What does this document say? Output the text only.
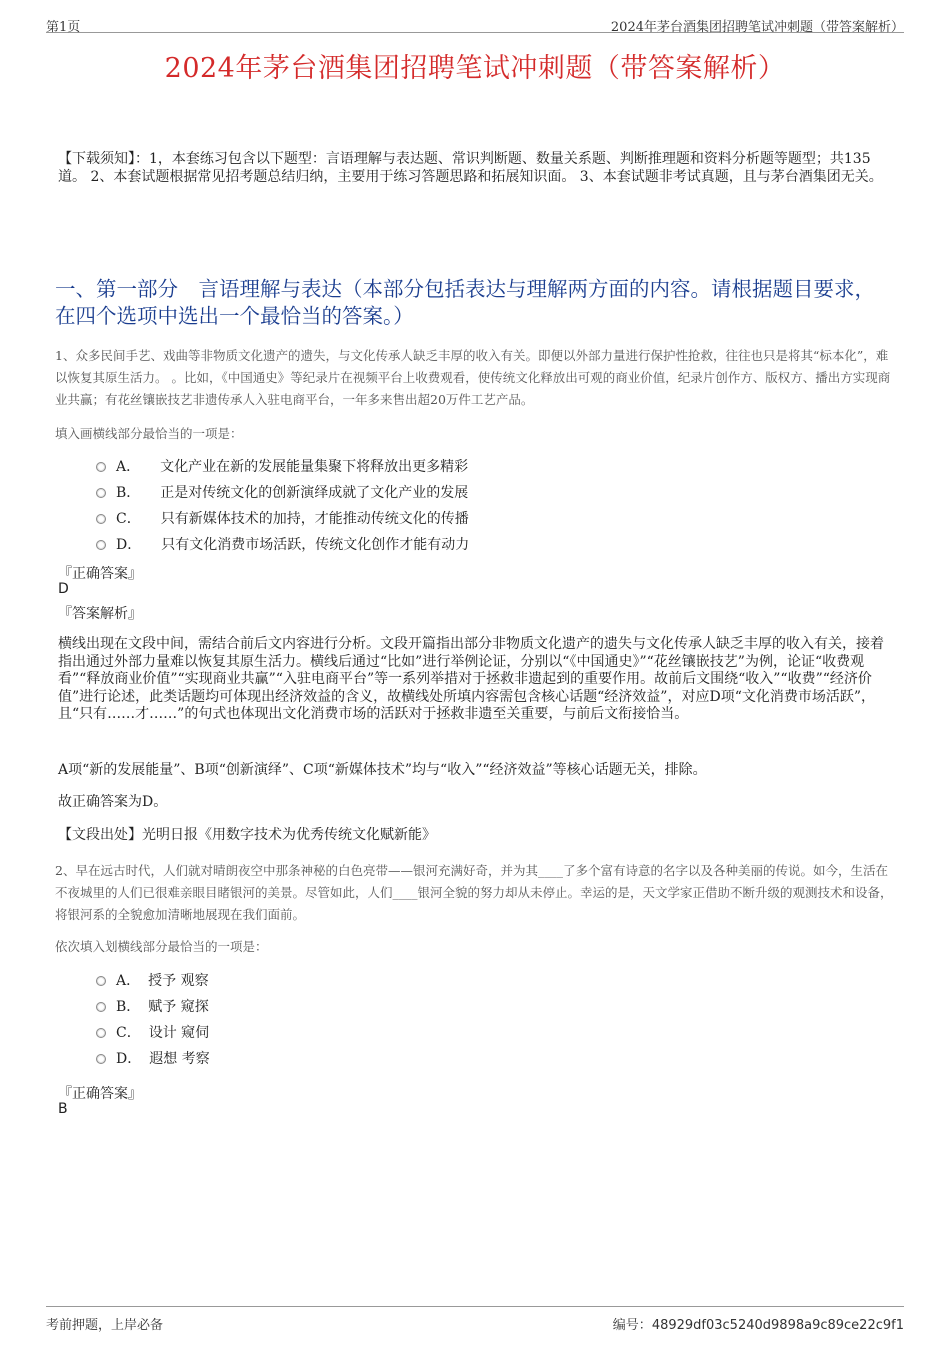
第1页	2024年茅台酒集团招聘笔试冲刺题（带答案解析）
2024年茅台酒集团招聘笔试冲刺题（带答案解析）
【下载须知】：1，本套练习包含以下题型：言语理解与表达题、常识判断题、数量关系题、判断推理题和资料分析题等题型；共135道。 2、本套试题根据常见招考题总结归纳，主要用于练习答题思路和拓展知识面。 3、本套试题非考试真题，且与茅台酒集团无关。
一、第一部分　言语理解与表达（本部分包括表达与理解两方面的内容。请根据题目要求，在四个选项中选出一个最恰当的答案。）
1、众多民间手艺、戏曲等非物质文化遗产的遗失，与文化传承人缺乏丰厚的收入有关。即便以外部力量进行保护性抢救，往往也只是将其“标本化”，难以恢复其原生活力。 。比如，《中国通史》等纪录片在视频平台上收费观看，使传统文化释放出可观的商业价值，纪录片创作方、版权方、播出方实现商业共赢；有花丝镶嵌技艺非遗传承人入驻电商平台，一年多来售出超20万件工艺产品。
填入画横线部分最恰当的一项是：
A． 文化产业在新的发展能量集聚下将释放出更多精彩
B． 正是对传统文化的创新演绎成就了文化产业的发展
C． 只有新媒体技术的加持，才能推动传统文化的传播
D． 只有文化消费市场活跃，传统文化创作才能有动力
『正确答案』
D
『答案解析』
横线出现在文段中间，需结合前后文内容进行分析。文段开篇指出部分非物质文化遗产的遗失与文化传承人缺乏丰厚的收入有关，接着指出通过外部力量难以恢复其原生活力。横线后通过“比如”进行举例论证，分别以“《中国通史》”“花丝镶嵌技艺”为例，论证“收费观看”“释放商业价值”“实现商业共赢”“入驻电商平台”等一系列举措对于拯救非遗起到的重要作用。故前后文围绕“收入”“收费”“经济价值”进行论述，此类话题均可体现出经济效益的含义，故横线处所填内容需包含核心话题“经济效益”，对应D项“文化消费市场活跃”，且“只有……才……”的句式也体现出文化消费市场的活跃对于拯救非遗至关重要，与前后文衔接恰当。
A项“新的发展能量”、B项“创新演绎”、C项“新媒体技术”均与“收入”“经济效益”等核心话题无关，排除。
故正确答案为D。
【文段出处】光明日报《用数字技术为优秀传统文化赋新能》
2、早在远古时代，人们就对晴朗夜空中那条神秘的白色亮带——银河充满好奇，并为其____了多个富有诗意的名字以及各种美丽的传说。如今，生活在不夜城里的人们已很难亲眼目睹银河的美景。尽管如此，人们____银河全貌的努力却从未停止。幸运的是，天文学家正借助不断升级的观测技术和设备，将银河系的全貌愈加清晰地展现在我们面前。
依次填入划横线部分最恰当的一项是：
A． 授予 观察
B． 赋予 窥探
C． 设计 窥伺
D． 遐想 考察
『正确答案』
B
考前押题，上岸必备	编号：48929df03c5240d9898a9c89ce22c9f1
